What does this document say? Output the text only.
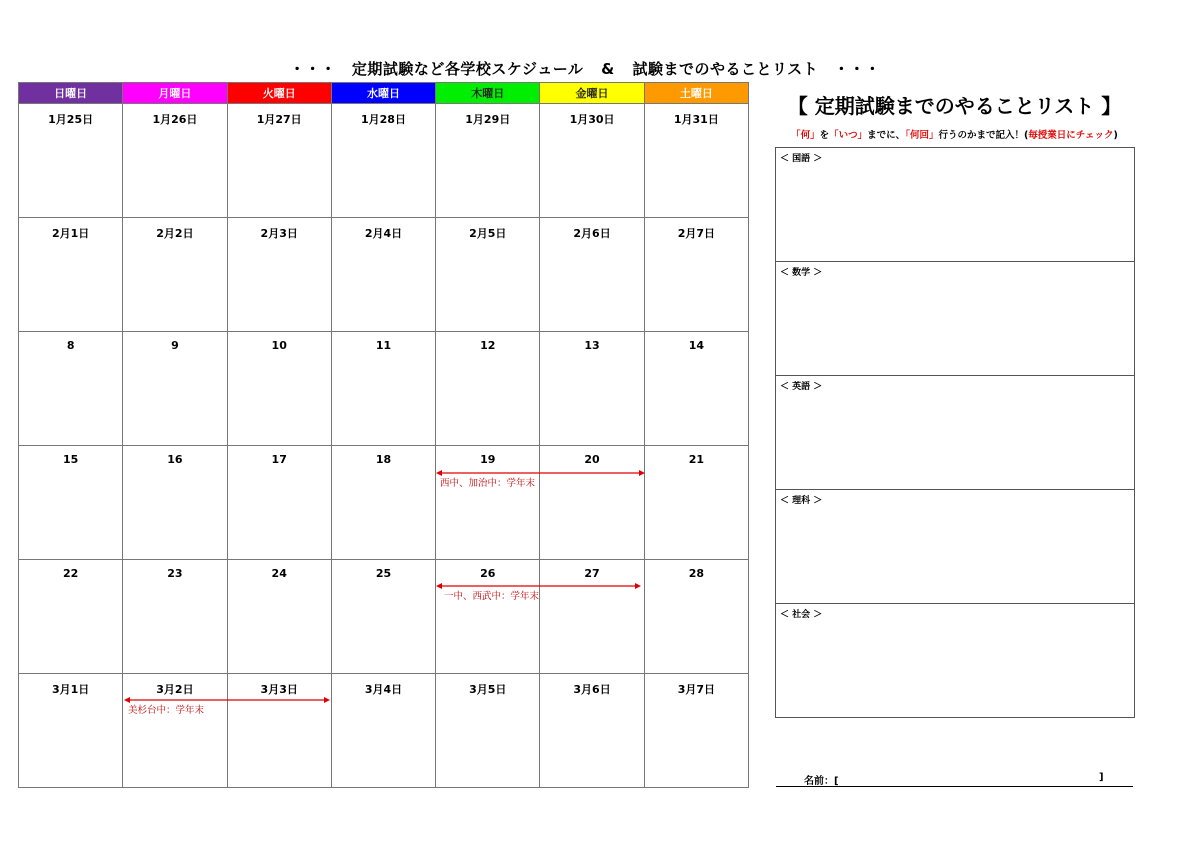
・・・ 定期試験など各学校スケジュール & 試験までのやることリスト ・・・
日曜日	月曜日	火曜日	水曜日	木曜日	金曜日	土曜日

1月25日	1月26日	1月27日	1月28日	1月29日	1月30日	1月31日

2月1日	2月2日	2月3日	2月4日	2月5日	2月6日	2月7日

8	9	10	11	12	13	14

15	16	17	18	19	20	21

22	23	24	25	26	27	28

3月1日	3月2日	3月3日	3月4日	3月5日	3月6日	3月7日
西中、加治中：学年末
一中、西武中：学年末
美杉台中：学年末
【 定期試験までのやることリスト 】
「何」を「いつ」までに、「何回」行うのかまで記入！(毎授業日にチェック)
＜ 国語 ＞
＜ 数学 ＞
＜ 英語 ＞
＜ 理科 ＞
＜ 社会 ＞
名前：[	]
